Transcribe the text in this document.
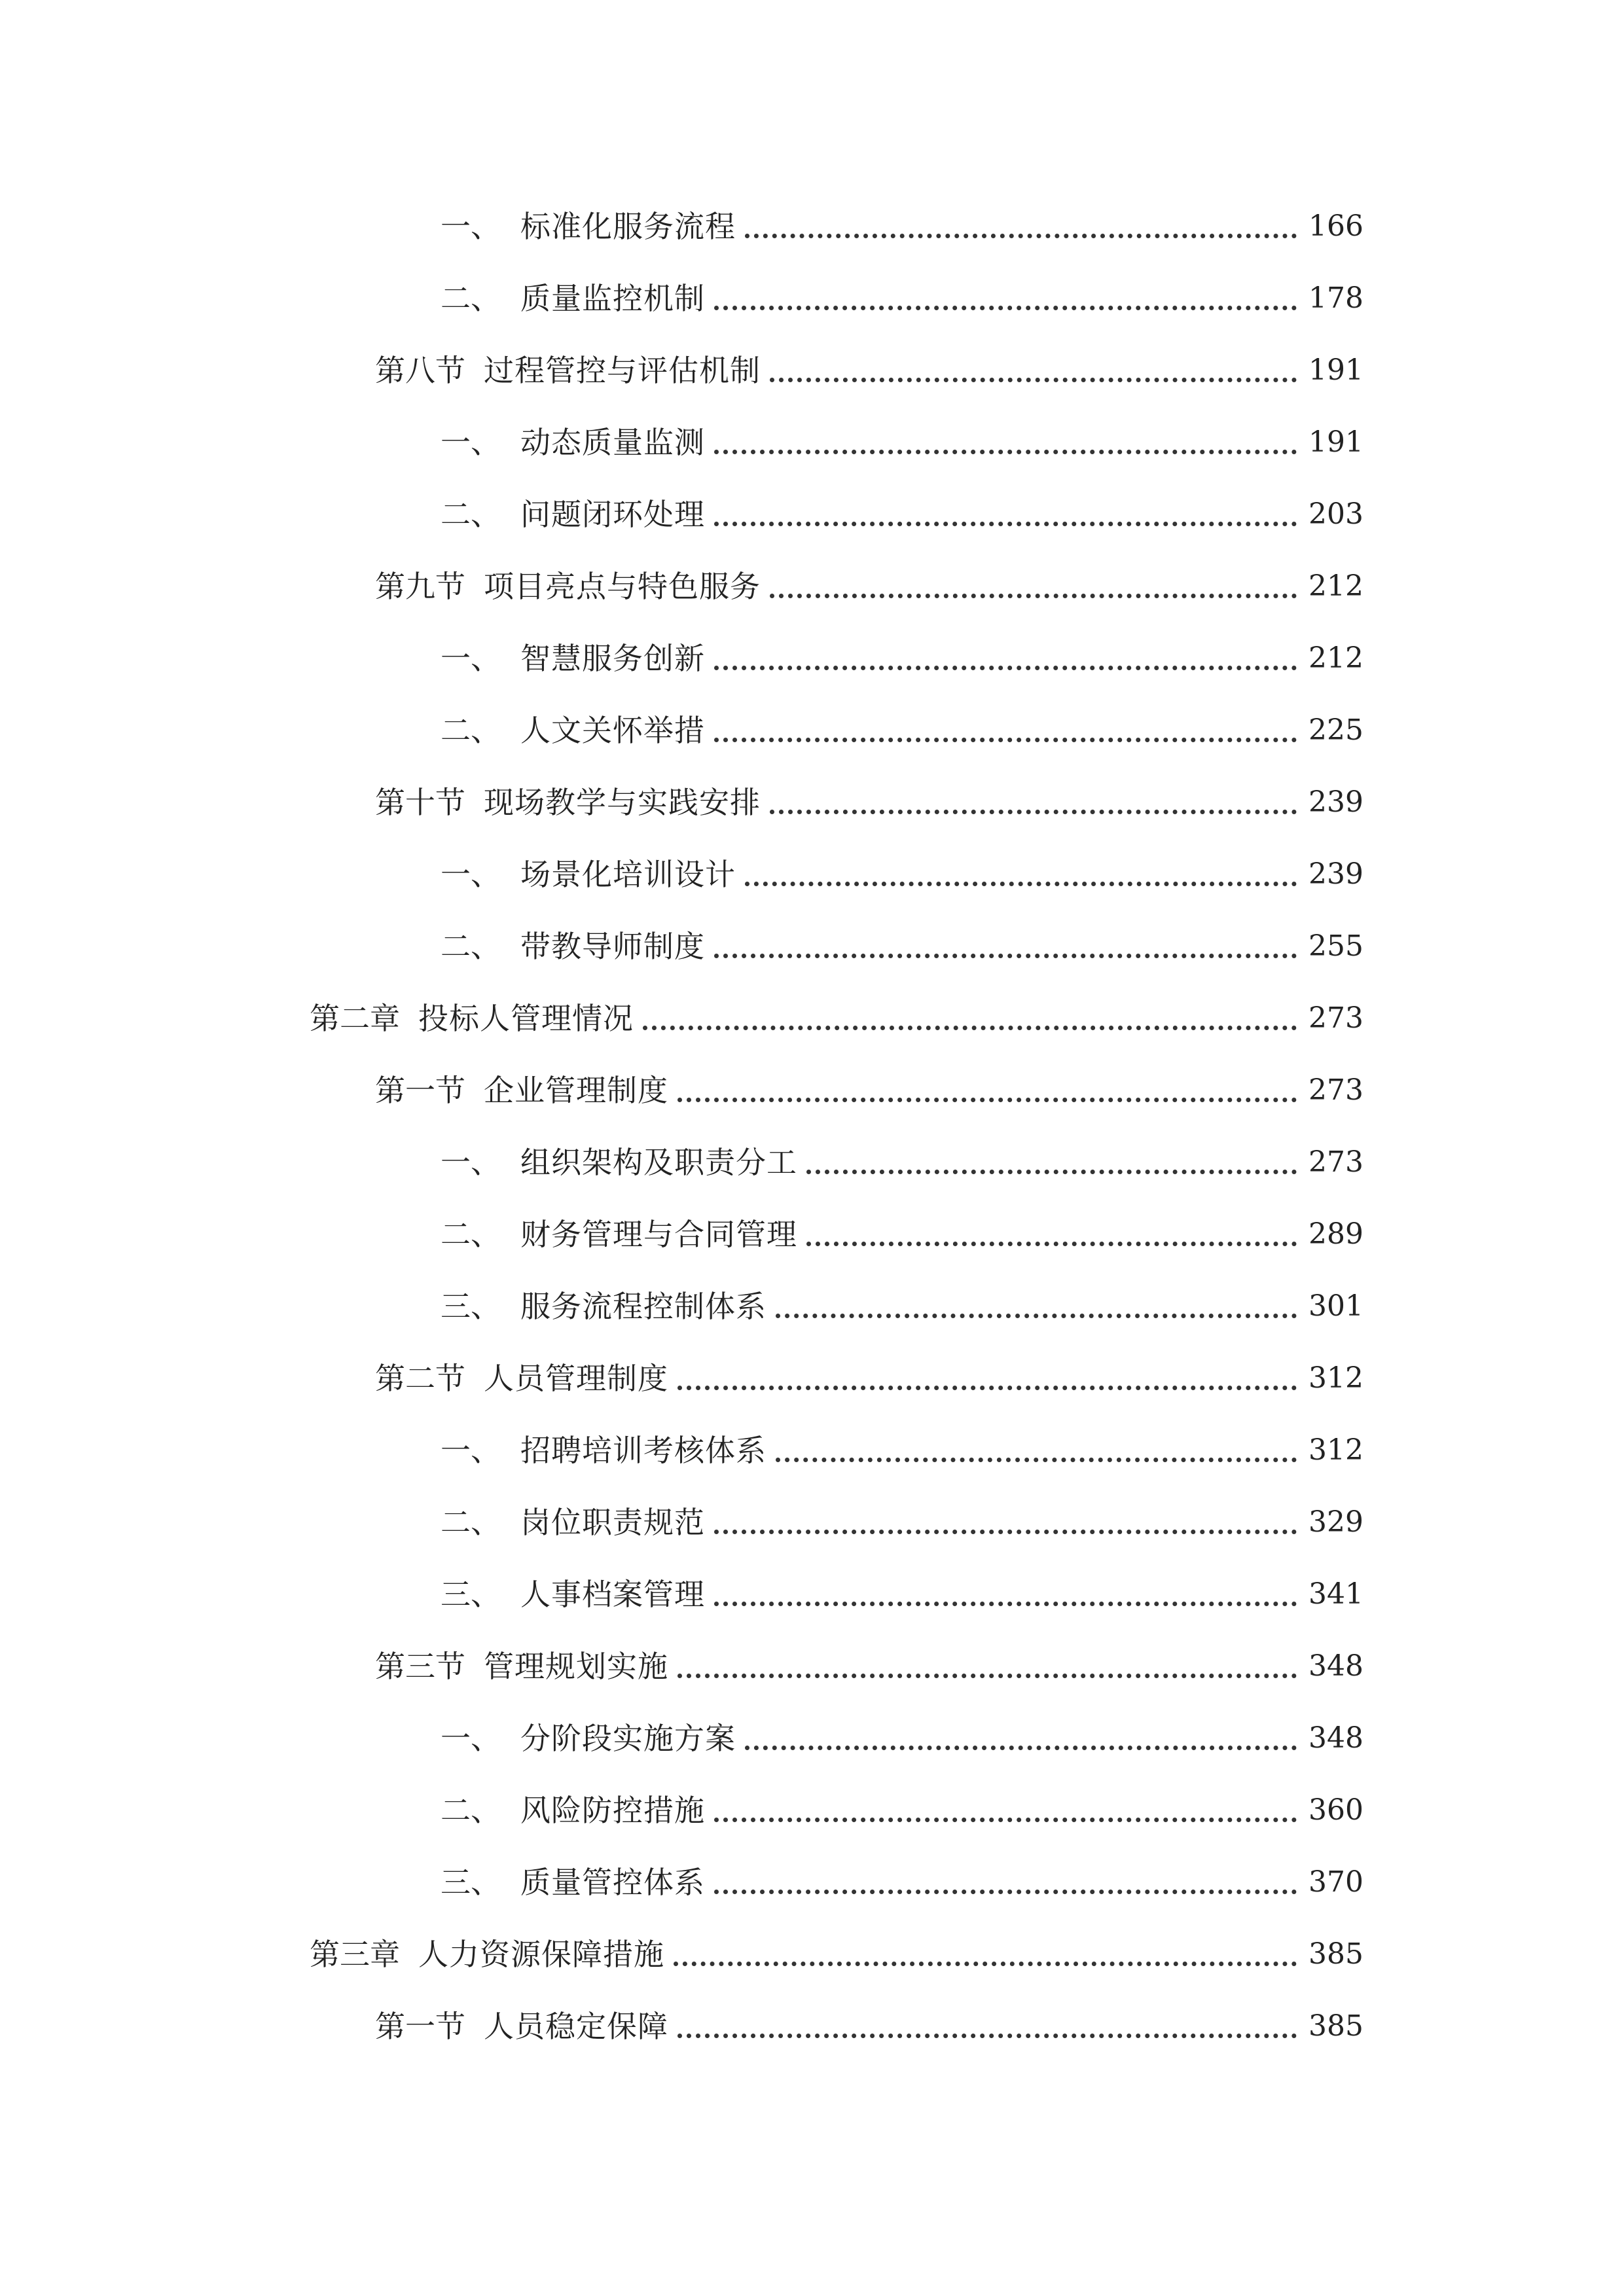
一、 标准化服务流程	166
二、 质量监控机制	178
第八节 过程管控与评估机制	191
一、 动态质量监测	191
二、 问题闭环处理	203
第九节 项目亮点与特色服务	212
一、 智慧服务创新	212
二、 人文关怀举措	225
第十节 现场教学与实践安排	239
一、 场景化培训设计	239
二、 带教导师制度	255
第二章 投标人管理情况	273
第一节 企业管理制度	273
一、 组织架构及职责分工	273
二、 财务管理与合同管理	289
三、 服务流程控制体系	301
第二节 人员管理制度	312
一、 招聘培训考核体系	312
二、 岗位职责规范	329
三、 人事档案管理	341
第三节 管理规划实施	348
一、 分阶段实施方案	348
二、 风险防控措施	360
三、 质量管控体系	370
第三章 人力资源保障措施	385
第一节 人员稳定保障	385
